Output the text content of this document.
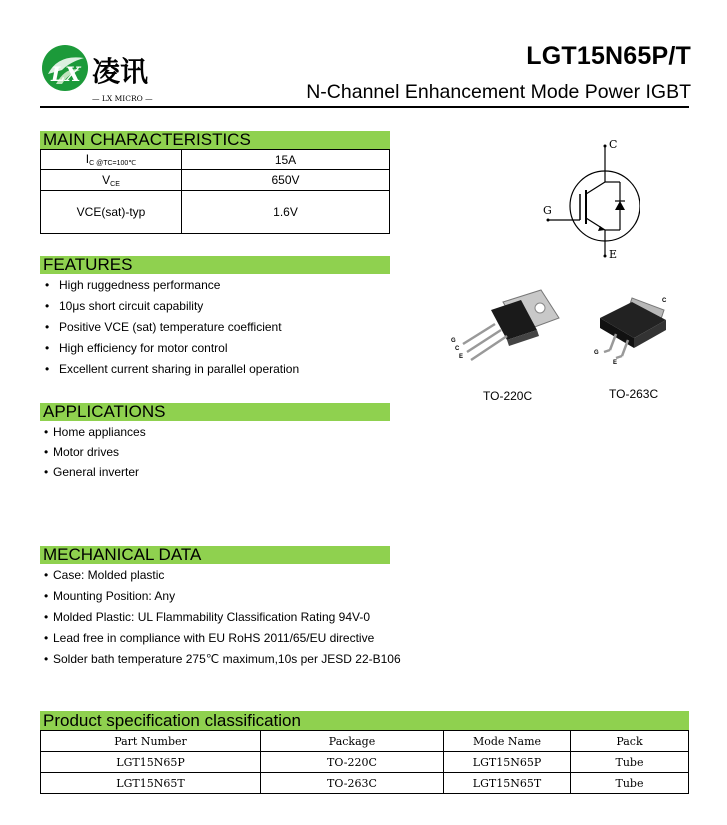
LX 凌讯
— LX MICRO —
LGT15N65P/T
N-Channel Enhancement Mode Power IGBT
MAIN CHARACTERISTICS
$I_{C @TC=100℃}$	15A
$V_{CE}$	650V
VCE(sat)-typ	1.6V
C
G
E
FEATURES
• High ruggedness performance
• 10μs short circuit capability
• Positive VCE (sat) temperature coefficient
• High efficiency for motor control
• Excellent current sharing in parallel operation
G
C
E
C
G
E
TO-220C	TO-263C
APPLICATIONS
• Home appliances
• Motor drives
• General inverter
MECHANICAL DATA
• Case: Molded plastic
• Mounting Position: Any
• Molded Plastic: UL Flammability Classification Rating 94V-0
• Lead free in compliance with EU RoHS 2011/65/EU directive
• Solder bath temperature 275℃ maximum,10s per JESD 22-B106
Product specification classification
Part Number	Package	Mode Name	Pack
LGT15N65P	TO-220C	LGT15N65P	Tube
LGT15N65T	TO-263C	LGT15N65T	Tube
